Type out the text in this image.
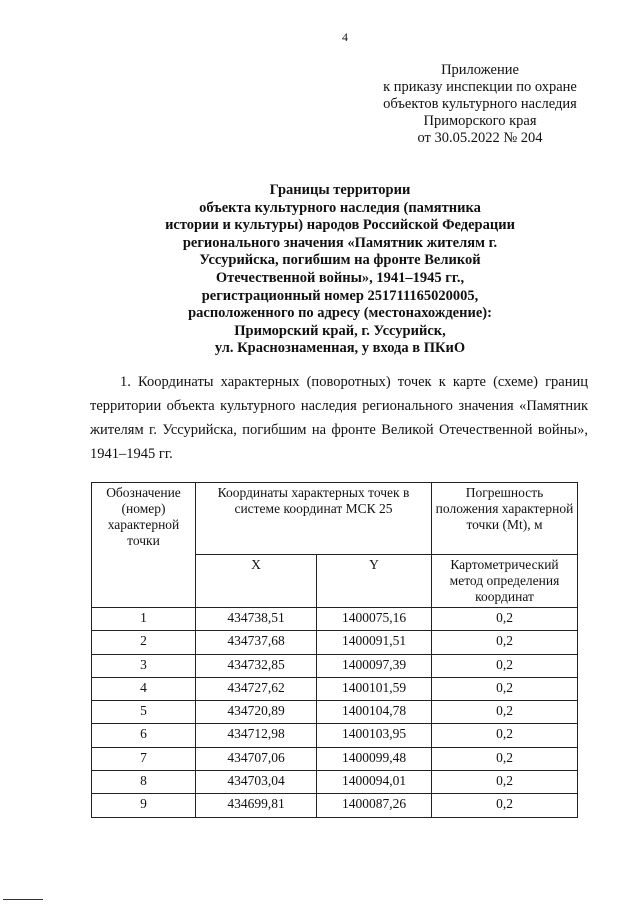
4
Приложение
к приказу инспекции по охране
объектов культурного наследия
Приморского края
от 30.05.2022 № 204
Границы территории
объекта культурного наследия (памятника
истории и культуры) народов Российской Федерации
регионального значения «Памятник жителям г.
Уссурийска, погибшим на фронте Великой
Отечественной войны», 1941–1945 гг.,
регистрационный номер 251711165020005,
расположенного по адресу (местонахождение):
Приморский край, г. Уссурийск,
ул. Краснознаменная, у входа в ПКиО
1. Координаты характерных (поворотных) точек к карте (схеме) границ территории объекта культурного наследия регионального значения «Памятник жителям г. Уссурийска, погибшим на фронте Великой Отечественной войны», 1941–1945 гг.
Обозначение (номер) характерной точки	Координаты характерных точек в системе координат МСК 25		Погрешность положения характерной точки (Mt), м
	X	Y	Картометрический метод определения координат
1	434738,51	1400075,16	0,2
2	434737,68	1400091,51	0,2
3	434732,85	1400097,39	0,2
4	434727,62	1400101,59	0,2
5	434720,89	1400104,78	0,2
6	434712,98	1400103,95	0,2
7	434707,06	1400099,48	0,2
8	434703,04	1400094,01	0,2
9	434699,81	1400087,26	0,2
